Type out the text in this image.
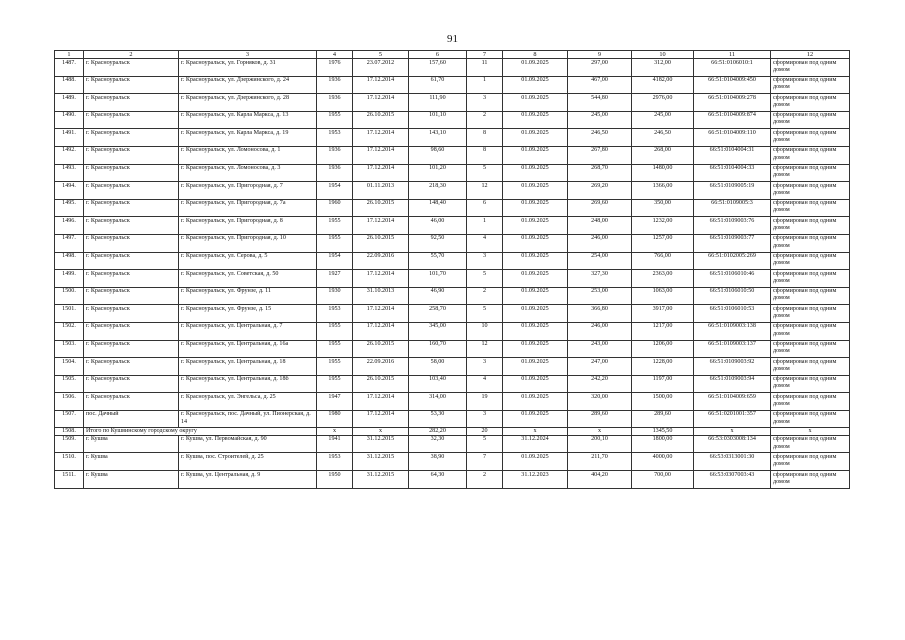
91
1	2	3	4	5	6	7	8	9	10	11	12
1487.	г. Красноуральск	г. Красноуральск, ул. Горняков, д. 31	1976	23.07.2012	157,60	11	01.09.2025	297,00	312,00	66:51:0106010:1	сформирован под одним домом
1488.	г. Красноуральск	г. Красноуральск, ул. Дзержинского, д. 24	1936	17.12.2014	61,70	1	01.09.2025	467,00	4182,00	66:51:0104009:450	сформирован под одним домом
1489.	г. Красноуральск	г. Красноуральск, ул. Дзержинского, д. 28	1936	17.12.2014	111,90	3	01.09.2025	544,80	2976,00	66:51:0104009:278	сформирован под одним домом
1490.	г. Красноуральск	г. Красноуральск, ул. Карла Маркса, д. 13	1955	26.10.2015	101,10	2	01.09.2025	245,00	245,00	66:51:0104009:874	сформирован под одним домом
1491.	г. Красноуральск	г. Красноуральск, ул. Карла Маркса, д. 19	1953	17.12.2014	143,10	8	01.09.2025	246,50	246,50	66:51:0104009:110	сформирован под одним домом
1492.	г. Красноуральск	г. Красноуральск, ул. Ломоносова, д. 1	1936	17.12.2014	98,60	8	01.09.2025	267,80	268,00	66:51:0104004:31	сформирован под одним домом
1493.	г. Красноуральск	г. Красноуральск, ул. Ломоносова, д. 3	1936	17.12.2014	101,20	5	01.09.2025	268,70	1480,00	66:51:0104004:33	сформирован под одним домом
1494.	г. Красноуральск	г. Красноуральск, ул. Пригородная, д. 7	1954	01.11.2013	218,30	12	01.09.2025	269,20	1366,00	66:51:0109005:19	сформирован под одним домом
1495.	г. Красноуральск	г. Красноуральск, ул. Пригородная, д. 7а	1960	26.10.2015	148,40	6	01.09.2025	269,60	350,00	66:51:0109005:3	сформирован под одним домом
1496.	г. Красноуральск	г. Красноуральск, ул. Пригородная, д. 8	1955	17.12.2014	46,00	1	01.09.2025	248,00	1232,00	66:51:0109003:76	сформирован под одним домом
1497.	г. Красноуральск	г. Красноуральск, ул. Пригородная, д. 10	1955	26.10.2015	92,50	4	01.09.2025	246,00	1257,00	66:51:0109003:77	сформирован под одним домом
1498.	г. Красноуральск	г. Красноуральск, ул. Серова, д. 5	1954	22.09.2016	55,70	3	01.09.2025	254,00	766,00	66:51:0102005:269	сформирован под одним домом
1499.	г. Красноуральск	г. Красноуральск, ул. Советская, д. 50	1927	17.12.2014	101,70	5	01.09.2025	327,30	2363,00	66:51:0106010:46	сформирован под одним домом
1500.	г. Красноуральск	г. Красноуральск, ул. Фрунзе, д. 11	1930	31.10.2013	46,90	2	01.09.2025	253,00	1063,00	66:51:0106010:50	сформирован под одним домом
1501.	г. Красноуральск	г. Красноуральск, ул. Фрунзе, д. 15	1953	17.12.2014	258,70	5	01.09.2025	366,80	3917,00	66:51:0106010:53	сформирован под одним домом
1502.	г. Красноуральск	г. Красноуральск, ул. Центральная, д. 7	1955	17.12.2014	345,00	10	01.09.2025	246,00	1217,00	66:51:0109003:138	сформирован под одним домом
1503.	г. Красноуральск	г. Красноуральск, ул. Центральная, д. 16а	1955	26.10.2015	160,70	12	01.09.2025	243,00	1206,00	66:51:0109003:137	сформирован под одним домом
1504.	г. Красноуральск	г. Красноуральск, ул. Центральная, д. 18	1955	22.09.2016	58,00	3	01.09.2025	247,00	1228,00	66:51:0109003:92	сформирован под одним домом
1505.	г. Красноуральск	г. Красноуральск, ул. Центральная, д. 18б	1955	26.10.2015	103,40	4	01.09.2025	242,20	1197,00	66:51:0109003:94	сформирован под одним домом
1506.	г. Красноуральск	г. Красноуральск, ул. Энгельса, д. 25	1947	17.12.2014	314,00	19	01.09.2025	320,00	1500,00	66:51:0104009:659	сформирован под одним домом
1507.	пос. Дачный	г. Красноуральск, пос. Дачный, ул. Пионерская, д. 14	1980	17.12.2014	53,30	3	01.09.2025	289,60	289,60	66:51:0201001:357	сформирован под одним домом
1508.	Итого по Кушвинскому городскому округу		x	x	282,20	20	x	x	1345,50	x	x
1509.	г. Кушва	г. Кушва, ул. Первомайская, д. 90	1941	31.12.2015	32,30	5	31.12.2024	200,10	1800,00	66:53:0303008:134	сформирован под одним домом
1510.	г. Кушва	г. Кушва, пос. Строителей, д. 25	1953	31.12.2015	38,90	7	01.09.2025	211,70	4000,00	66:53:0313001:30	сформирован под одним домом
1511.	г. Кушва	г. Кушва, ул. Центральная, д. 9	1950	31.12.2015	64,30	2	31.12.2023	404,20	700,00	66:53:0307003:43	сформирован под одним домом
